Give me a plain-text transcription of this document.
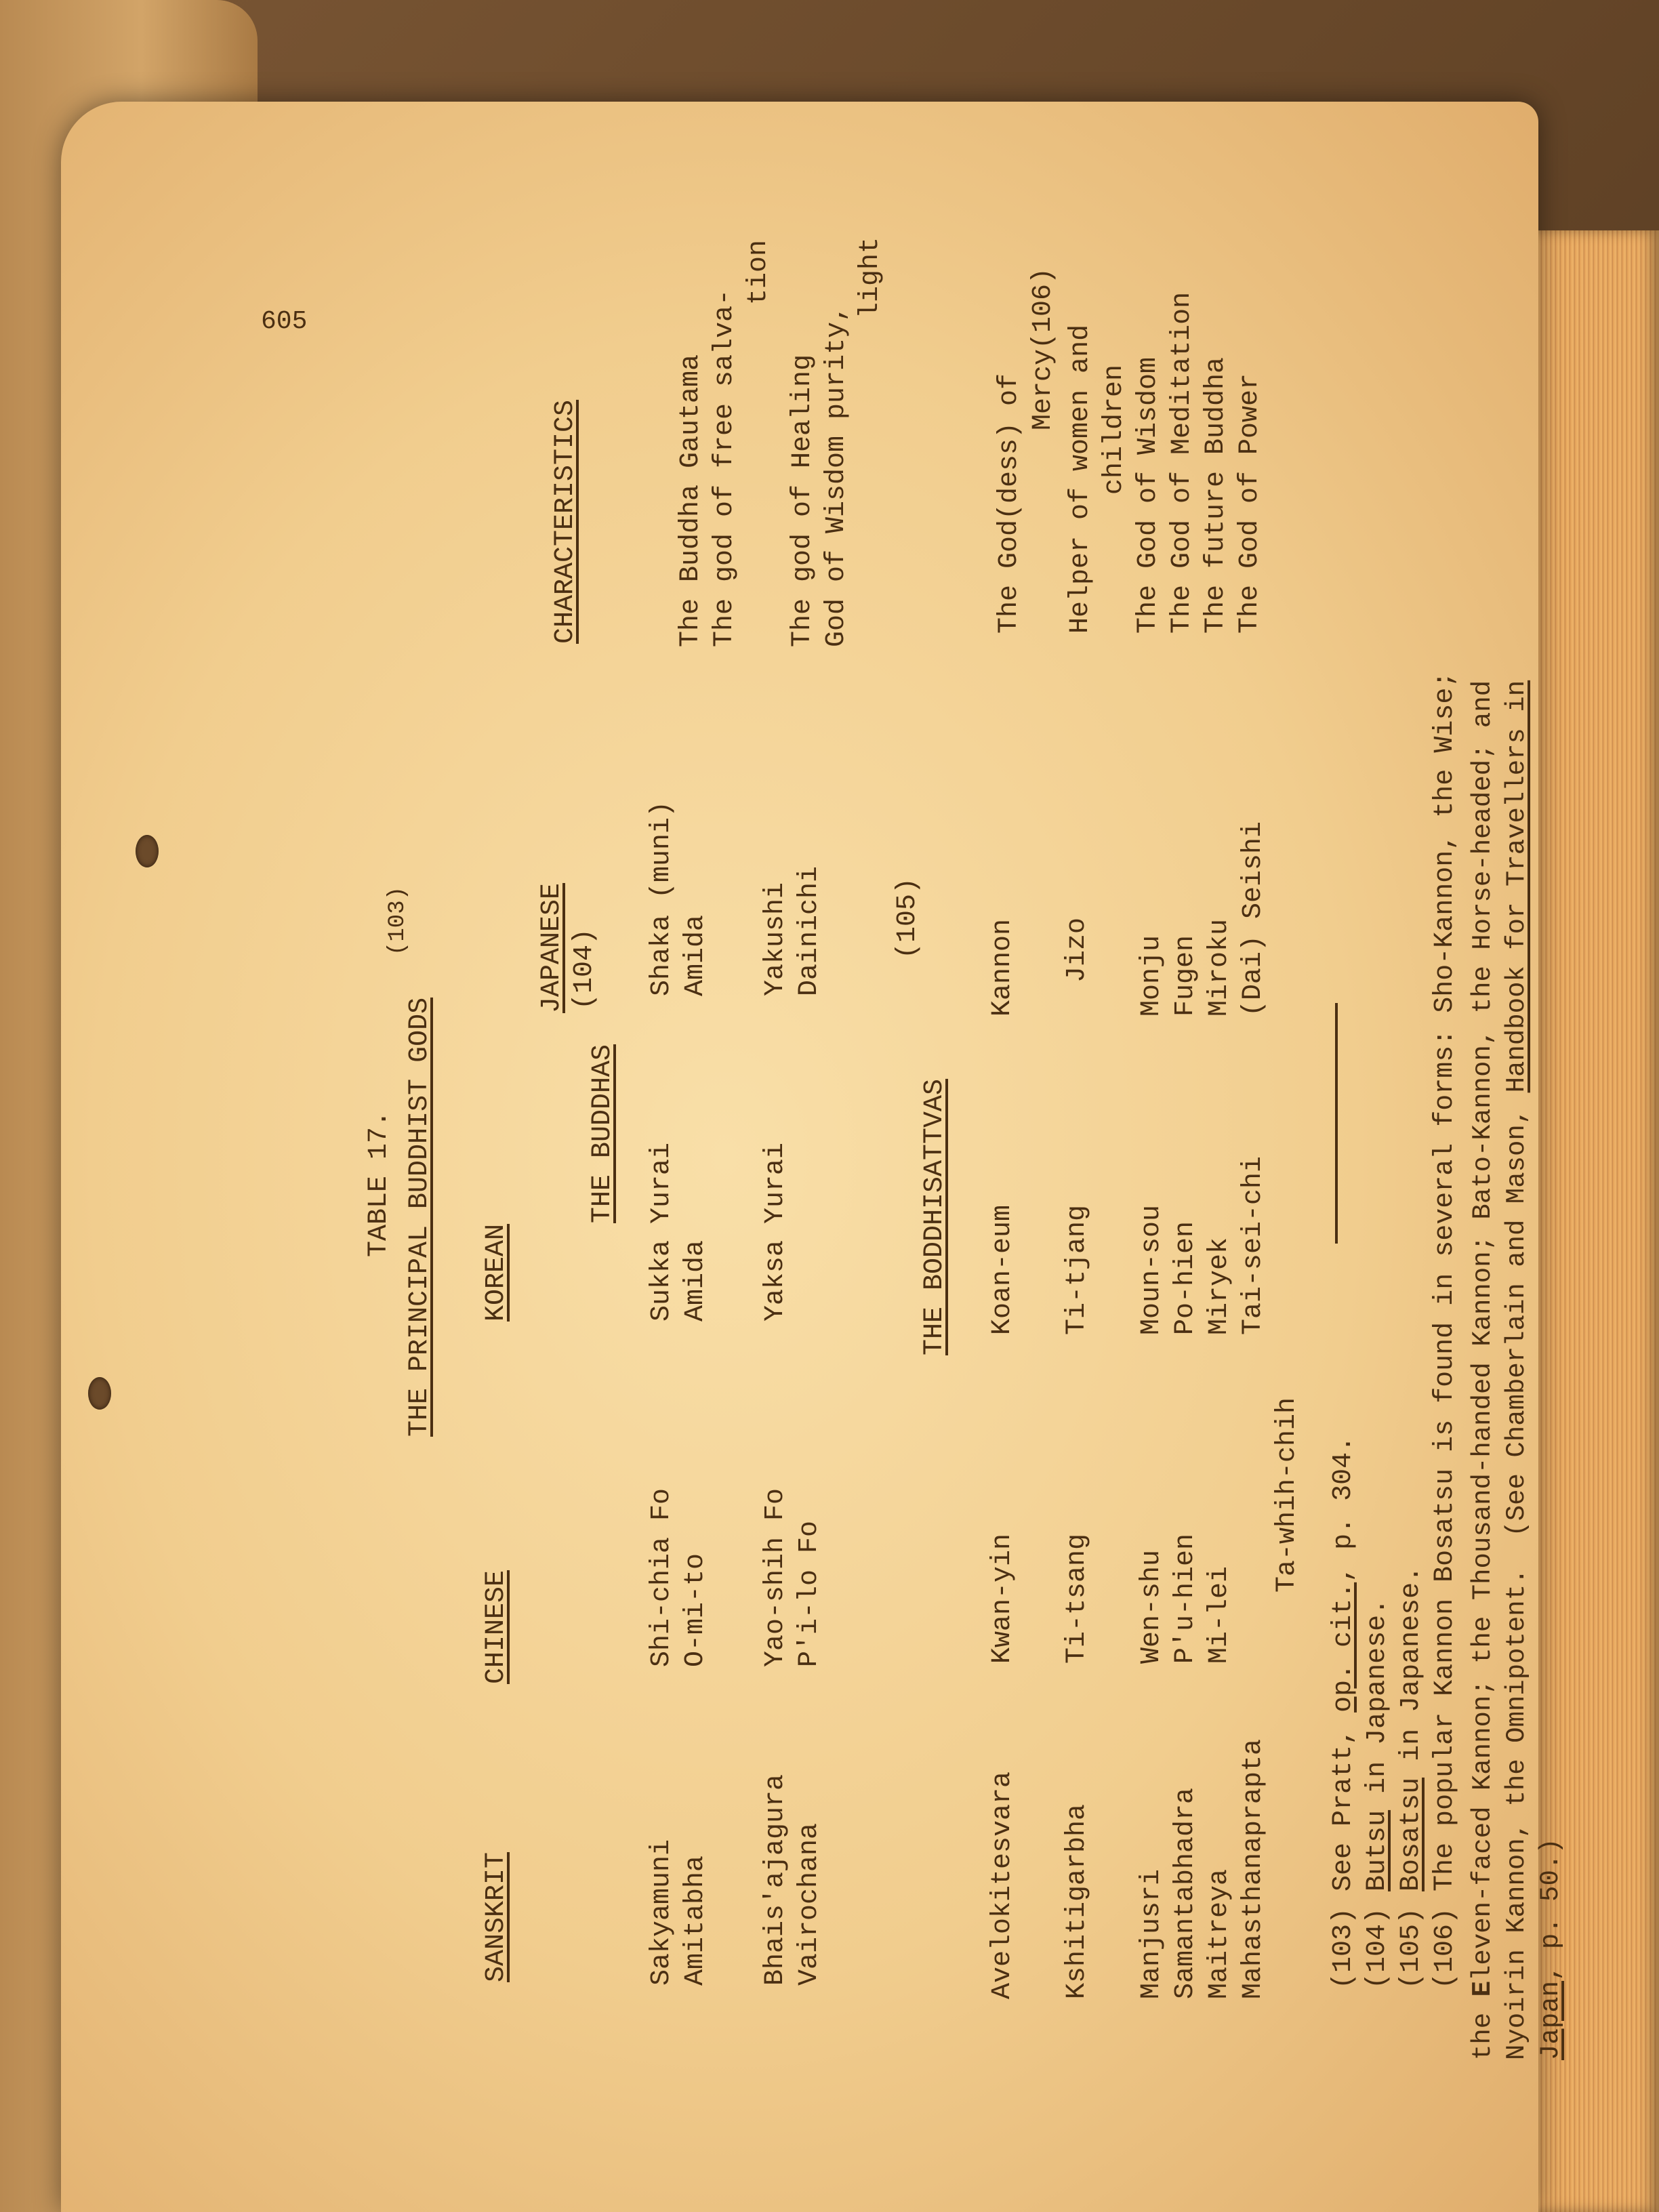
605
TABLE 17. THE PRINCIPAL BUDDHIST GODS
(103)
SANSKRIT
CHINESE
KOREAN
JAPANESE (104)
CHARACTERISTICS
THE BUDDHAS
Sakyamuni
Shi-chia Fo
Sukka Yurai
Shaka (muni)
The Buddha Gautama
Amitabha
O-mi-to
Amida
Amida
The god of free salva-
tion
Bhais'ajagura
Yao-shih Fo
Yaksa Yurai
Yakushi
The god of Healing
Vairochana
P'i-lo Fo
Dainichi
God of Wisdom purity,
light
THE BODDHISATTVAS
(105)
Avelokitesvara
Kwan-yin
Koan-eum
Kannon
The God(dess) of
Mercy(106)
Kshitigarbha
Ti-tsang
Ti-tjang
Jizo
Helper of women and children
Manjusri
Wen-shu
Moun-sou
Monju
The God of Wisdom
Samantabhadra
P'u-hien
Po-hien
Fugen
The God of Meditation
Maitreya
Mi-lei
Miryek
Miroku
The future Buddha
Mahasthanaprapta
Ta-whih-chih
Tai-sei-chi
(Dai) Seishi
The God of Power
(103) See Pratt, op. cit., p. 304.
(104) Butsu in Japanese.
(105) Bosatsu in Japanese.
(106) The popular Kannon Bosatsu is found in several forms: Sho-Kannon, the Wise;
the Eleven-faced Kannon; the Thousand-handed Kannon; Bato-Kannon, the Horse-headed; and Nyoirin Kannon, the Omnipotent.  (See Chamberlain and Mason, Handbook for Travellers in
Japan, p. 50.)
